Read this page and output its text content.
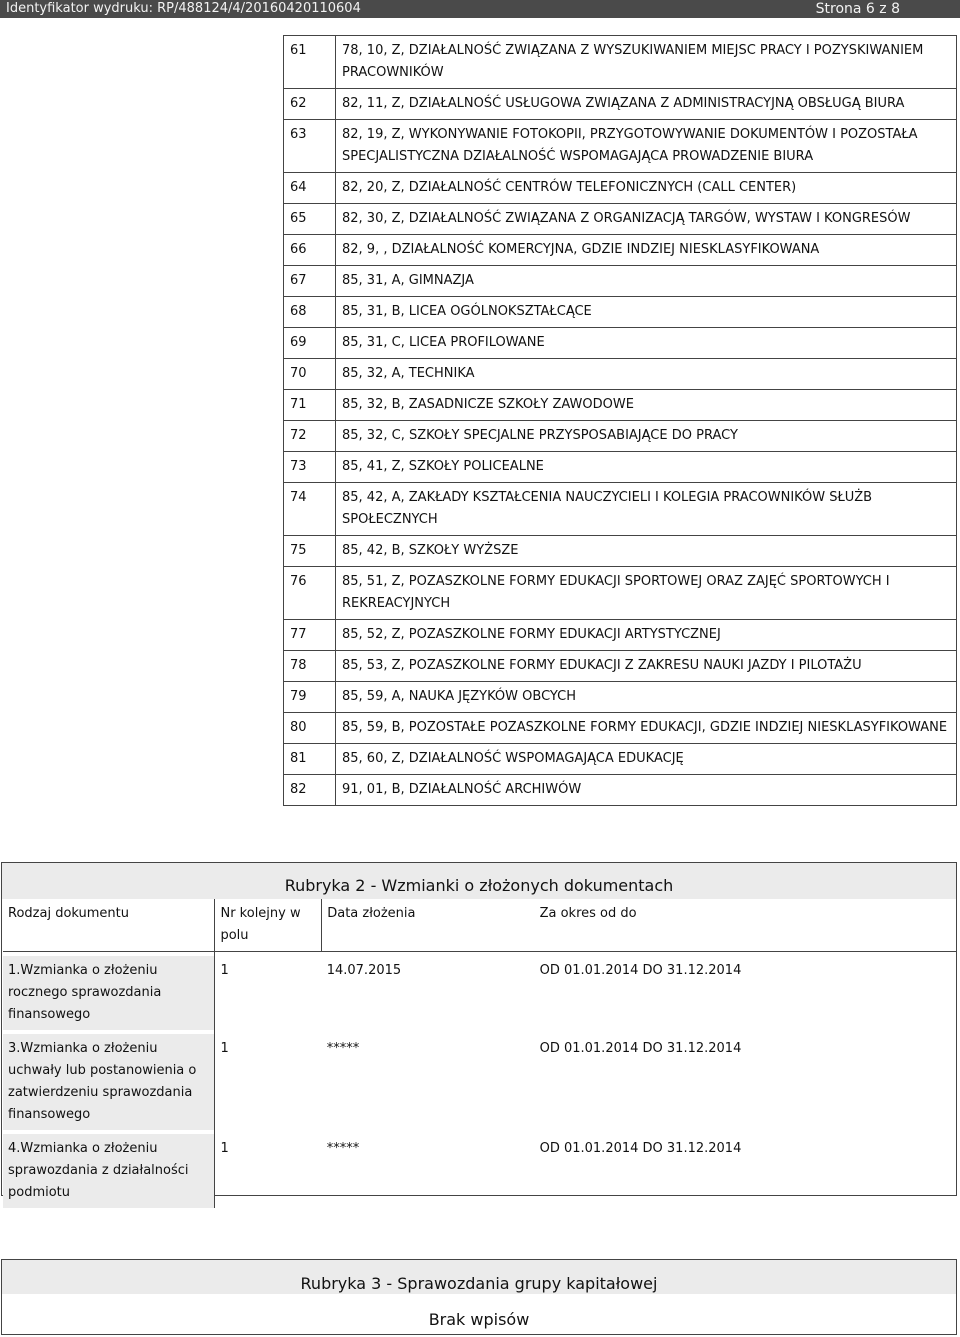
Identyfikator wydruku: RP/488124/4/20160420110604	Strona 6 z 8
61	78, 10, Z, DZIAŁALNOŚĆ ZWIĄZANA Z WYSZUKIWANIEM MIEJSC PRACY I POZYSKIWANIEM PRACOWNIKÓW
62	82, 11, Z, DZIAŁALNOŚĆ USŁUGOWA ZWIĄZANA Z ADMINISTRACYJNĄ OBSŁUGĄ BIURA
63	82, 19, Z, WYKONYWANIE FOTOKOPII, PRZYGOTOWYWANIE DOKUMENTÓW I POZOSTAŁA SPECJALISTYCZNA DZIAŁALNOŚĆ WSPOMAGAJĄCA PROWADZENIE BIURA
64	82, 20, Z, DZIAŁALNOŚĆ CENTRÓW TELEFONICZNYCH (CALL CENTER)
65	82, 30, Z, DZIAŁALNOŚĆ ZWIĄZANA Z ORGANIZACJĄ TARGÓW, WYSTAW I KONGRESÓW
66	82, 9, , DZIAŁALNOŚĆ KOMERCYJNA, GDZIE INDZIEJ NIESKLASYFIKOWANA
67	85, 31, A, GIMNAZJA
68	85, 31, B, LICEA OGÓLNOKSZTAŁCĄCE
69	85, 31, C, LICEA PROFILOWANE
70	85, 32, A, TECHNIKA
71	85, 32, B, ZASADNICZE SZKOŁY ZAWODOWE
72	85, 32, C, SZKOŁY SPECJALNE PRZYSPOSABIAJĄCE DO PRACY
73	85, 41, Z, SZKOŁY POLICEALNE
74	85, 42, A, ZAKŁADY KSZTAŁCENIA NAUCZYCIELI I KOLEGIA PRACOWNIKÓW SŁUŻB SPOŁECZNYCH
75	85, 42, B, SZKOŁY WYŻSZE
76	85, 51, Z, POZASZKOLNE FORMY EDUKACJI SPORTOWEJ ORAZ ZAJĘĆ SPORTOWYCH I REKREACYJNYCH
77	85, 52, Z, POZASZKOLNE FORMY EDUKACJI ARTYSTYCZNEJ
78	85, 53, Z, POZASZKOLNE FORMY EDUKACJI Z ZAKRESU NAUKI JAZDY I PILOTAŻU
79	85, 59, A, NAUKA JĘZYKÓW OBCYCH
80	85, 59, B, POZOSTAŁE POZASZKOLNE FORMY EDUKACJI, GDZIE INDZIEJ NIESKLASYFIKOWANE
81	85, 60, Z, DZIAŁALNOŚĆ WSPOMAGAJĄCA EDUKACJĘ
82	91, 01, B, DZIAŁALNOŚĆ ARCHIWÓW
Rubryka 2 - Wzmianki o złożonych dokumentach
Rodzaj dokumentu	Nr kolejny w polu	Data złożenia	Za okres od do

1.Wzmianka o złożeniu rocznego sprawozdania finansowego	1	14.07.2015	OD 01.01.2014 DO 31.12.2014

3.Wzmianka o złożeniu uchwały lub postanowienia o zatwierdzeniu sprawozdania finansowego	1	*****	OD 01.01.2014 DO 31.12.2014

4.Wzmianka o złożeniu sprawozdania z działalności podmiotu	1	*****	OD 01.01.2014 DO 31.12.2014
Rubryka 3 - Sprawozdania grupy kapitałowej
Brak wpisów
